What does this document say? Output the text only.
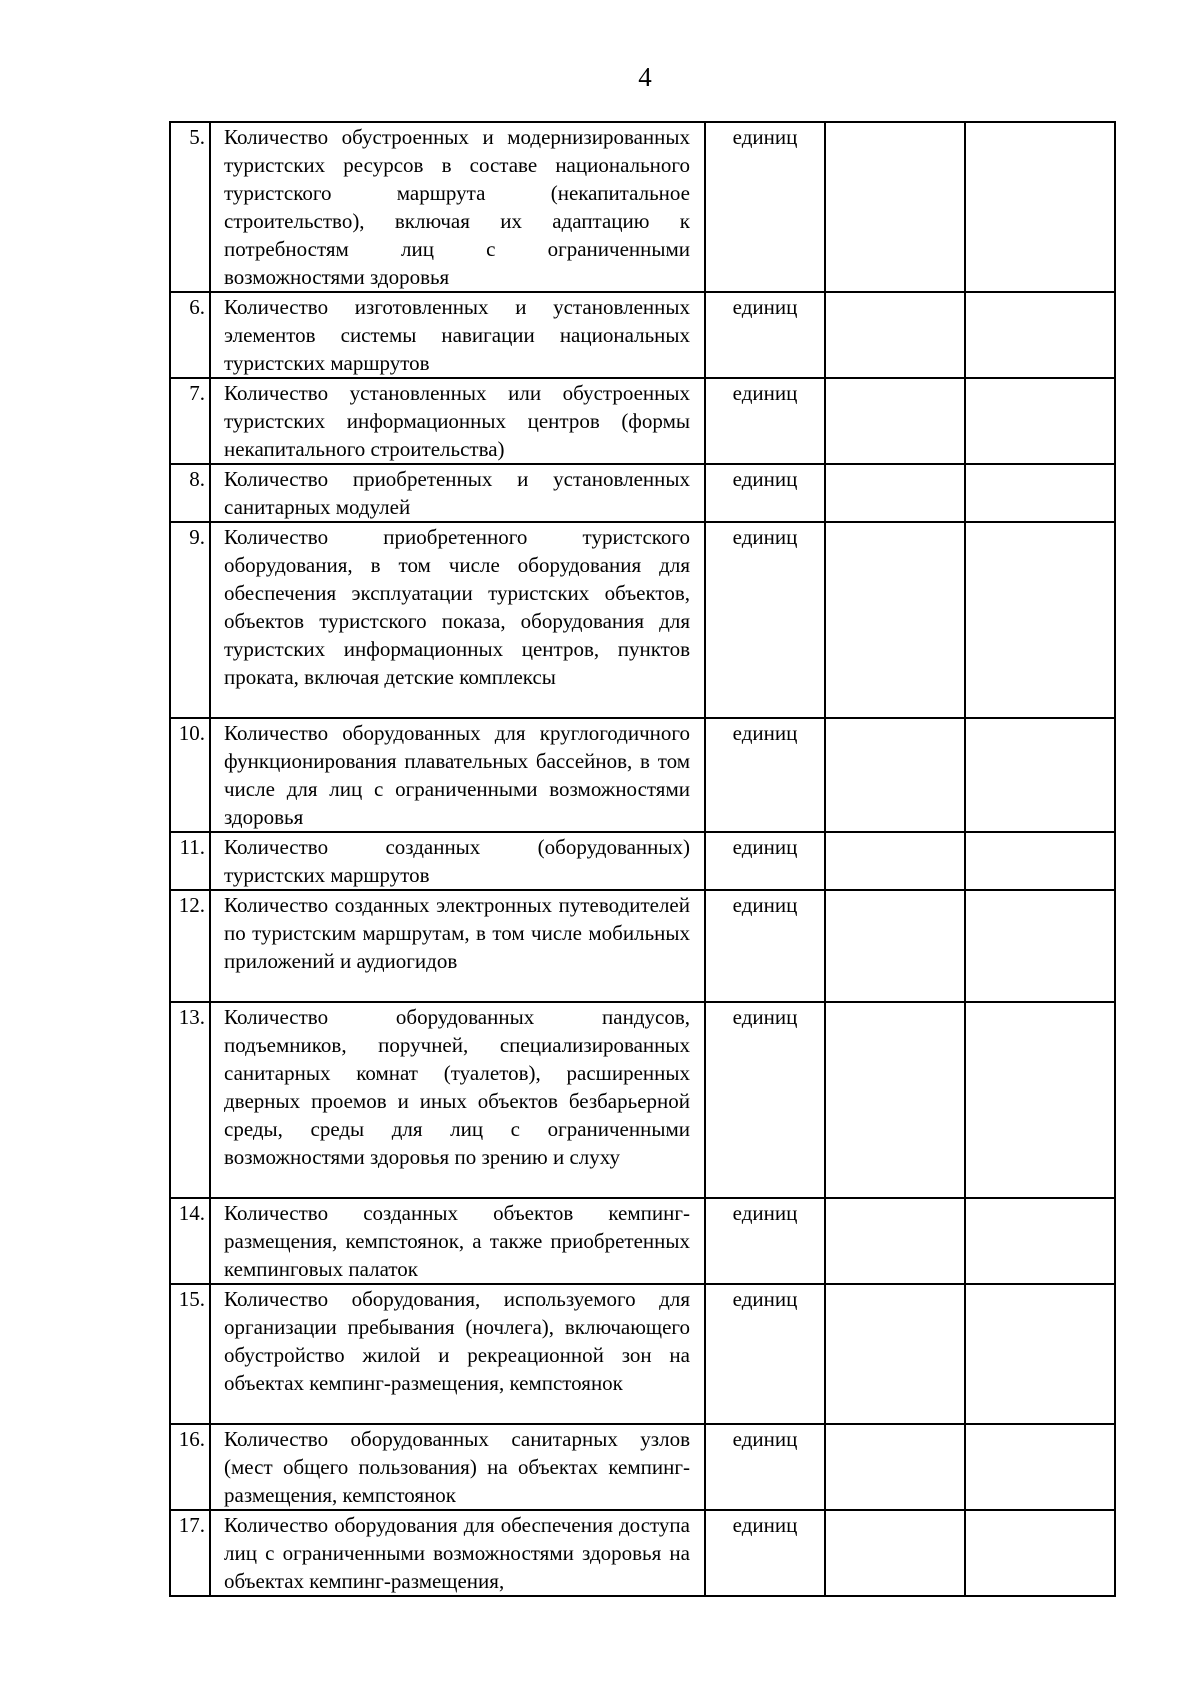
4
5.	Количество обустроенных и модернизированных туристских ресурсов в составе национального туристского маршрута (некапитальное строительство), включая их адаптацию к потребностям лиц с ограниченными возможностями здоровья	единиц		
6.	Количество изготовленных и установленных элементов системы навигации национальных туристских маршрутов	единиц		
7.	Количество установленных или обустроенных туристских информационных центров (формы некапитального строительства)	единиц		
8.	Количество приобретенных и установленных санитарных модулей	единиц		
9.	Количество приобретенного туристского оборудования, в том числе оборудования для обеспечения эксплуатации туристских объектов, объектов туристского показа, оборудования для туристских информационных центров, пунктов проката, включая детские комплексы	единиц		
10.	Количество оборудованных для круглогодичного функционирования плавательных бассейнов, в том числе для лиц с ограниченными возможностями здоровья	единиц		
11.	Количество созданных (оборудованных) туристских маршрутов	единиц		
12.	Количество созданных электронных путеводителей по туристским маршрутам, в том числе мобильных приложений и аудиогидов	единиц		
13.	Количество оборудованных пандусов, подъемников, поручней, специализированных санитарных комнат (туалетов), расширенных дверных проемов и иных объектов безбарьерной среды, среды для лиц с ограниченными возможностями здоровья по зрению и слуху	единиц		
14.	Количество созданных объектов кемпинг-размещения, кемпстоянок, а также приобретенных кемпинговых палаток	единиц		
15.	Количество оборудования, используемого для организации пребывания (ночлега), включающего обустройство жилой и рекреационной зон на объектах кемпинг-размещения, кемпстоянок	единиц		
16.	Количество оборудованных санитарных узлов (мест общего пользования) на объектах кемпинг-размещения, кемпстоянок	единиц		
17.	Количество оборудования для обеспечения доступа лиц с ограниченными возможностями здоровья на объектах кемпинг-размещения,	единиц		
